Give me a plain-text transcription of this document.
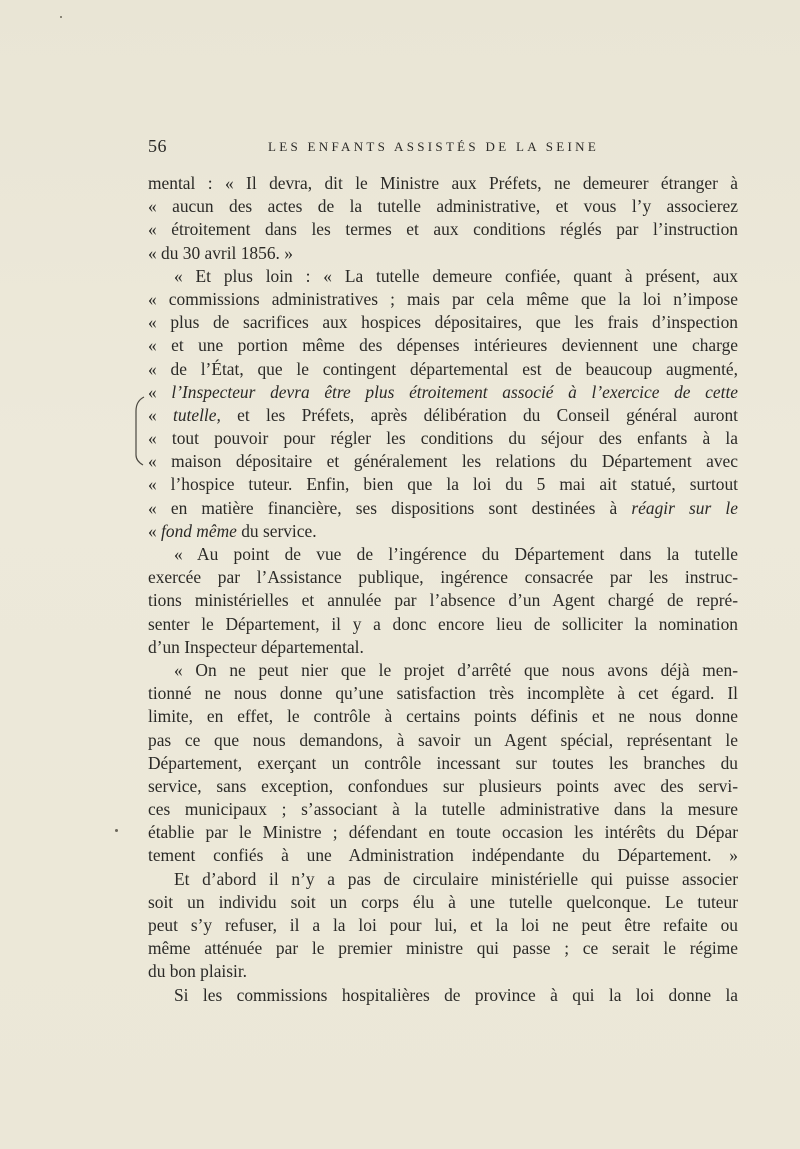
56	LES ENFANTS ASSISTÉS DE LA SEINE
mental : « Il devra, dit le Ministre aux Préfets, ne demeurer étranger à
« aucun des actes de la tutelle administrative, et vous l’y associerez
« étroitement dans les termes et aux conditions réglés par l’instruction
« du 30 avril 1856. »
« Et plus loin : « La tutelle demeure confiée, quant à présent, aux
« commissions administratives ; mais par cela même que la loi n’impose
« plus de sacrifices aux hospices dépositaires, que les frais d’inspection
« et une portion même des dépenses intérieures deviennent une charge
« de l’État, que le contingent départemental est de beaucoup augmenté,
« l’Inspecteur devra être plus étroitement associé à l’exercice de cette
« tutelle, et les Préfets, après délibération du Conseil général auront
« tout pouvoir pour régler les conditions du séjour des enfants à la
« maison dépositaire et généralement les relations du Département avec
« l’hospice tuteur. Enfin, bien que la loi du 5 mai ait statué, surtout
« en matière financière, ses dispositions sont destinées à réagir sur le
« fond même du service.
« Au point de vue de l’ingérence du Département dans la tutelle
exercée par l’Assistance publique, ingérence consacrée par les instruc-
tions ministérielles et annulée par l’absence d’un Agent chargé de repré-
senter le Département, il y a donc encore lieu de solliciter la nomination
d’un Inspecteur départemental.
« On ne peut nier que le projet d’arrêté que nous avons déjà men-
tionné ne nous donne qu’une satisfaction très incomplète à cet égard. Il
limite, en effet, le contrôle à certains points définis et ne nous donne
pas ce que nous demandons, à savoir un Agent spécial, représentant le
Département, exerçant un contrôle incessant sur toutes les branches du
service, sans exception, confondues sur plusieurs points avec des servi-
ces municipaux ; s’associant à la tutelle administrative dans la mesure
établie par le Ministre ; défendant en toute occasion les intérêts du Dépar
tement confiés à une Administration indépendante du Département. »
Et d’abord il n’y a pas de circulaire ministérielle qui puisse associer
soit un individu soit un corps élu à une tutelle quelconque. Le tuteur
peut s’y refuser, il a la loi pour lui, et la loi ne peut être refaite ou
même atténuée par le premier ministre qui passe ; ce serait le régime
du bon plaisir.
Si les commissions hospitalières de province à qui la loi donne la
